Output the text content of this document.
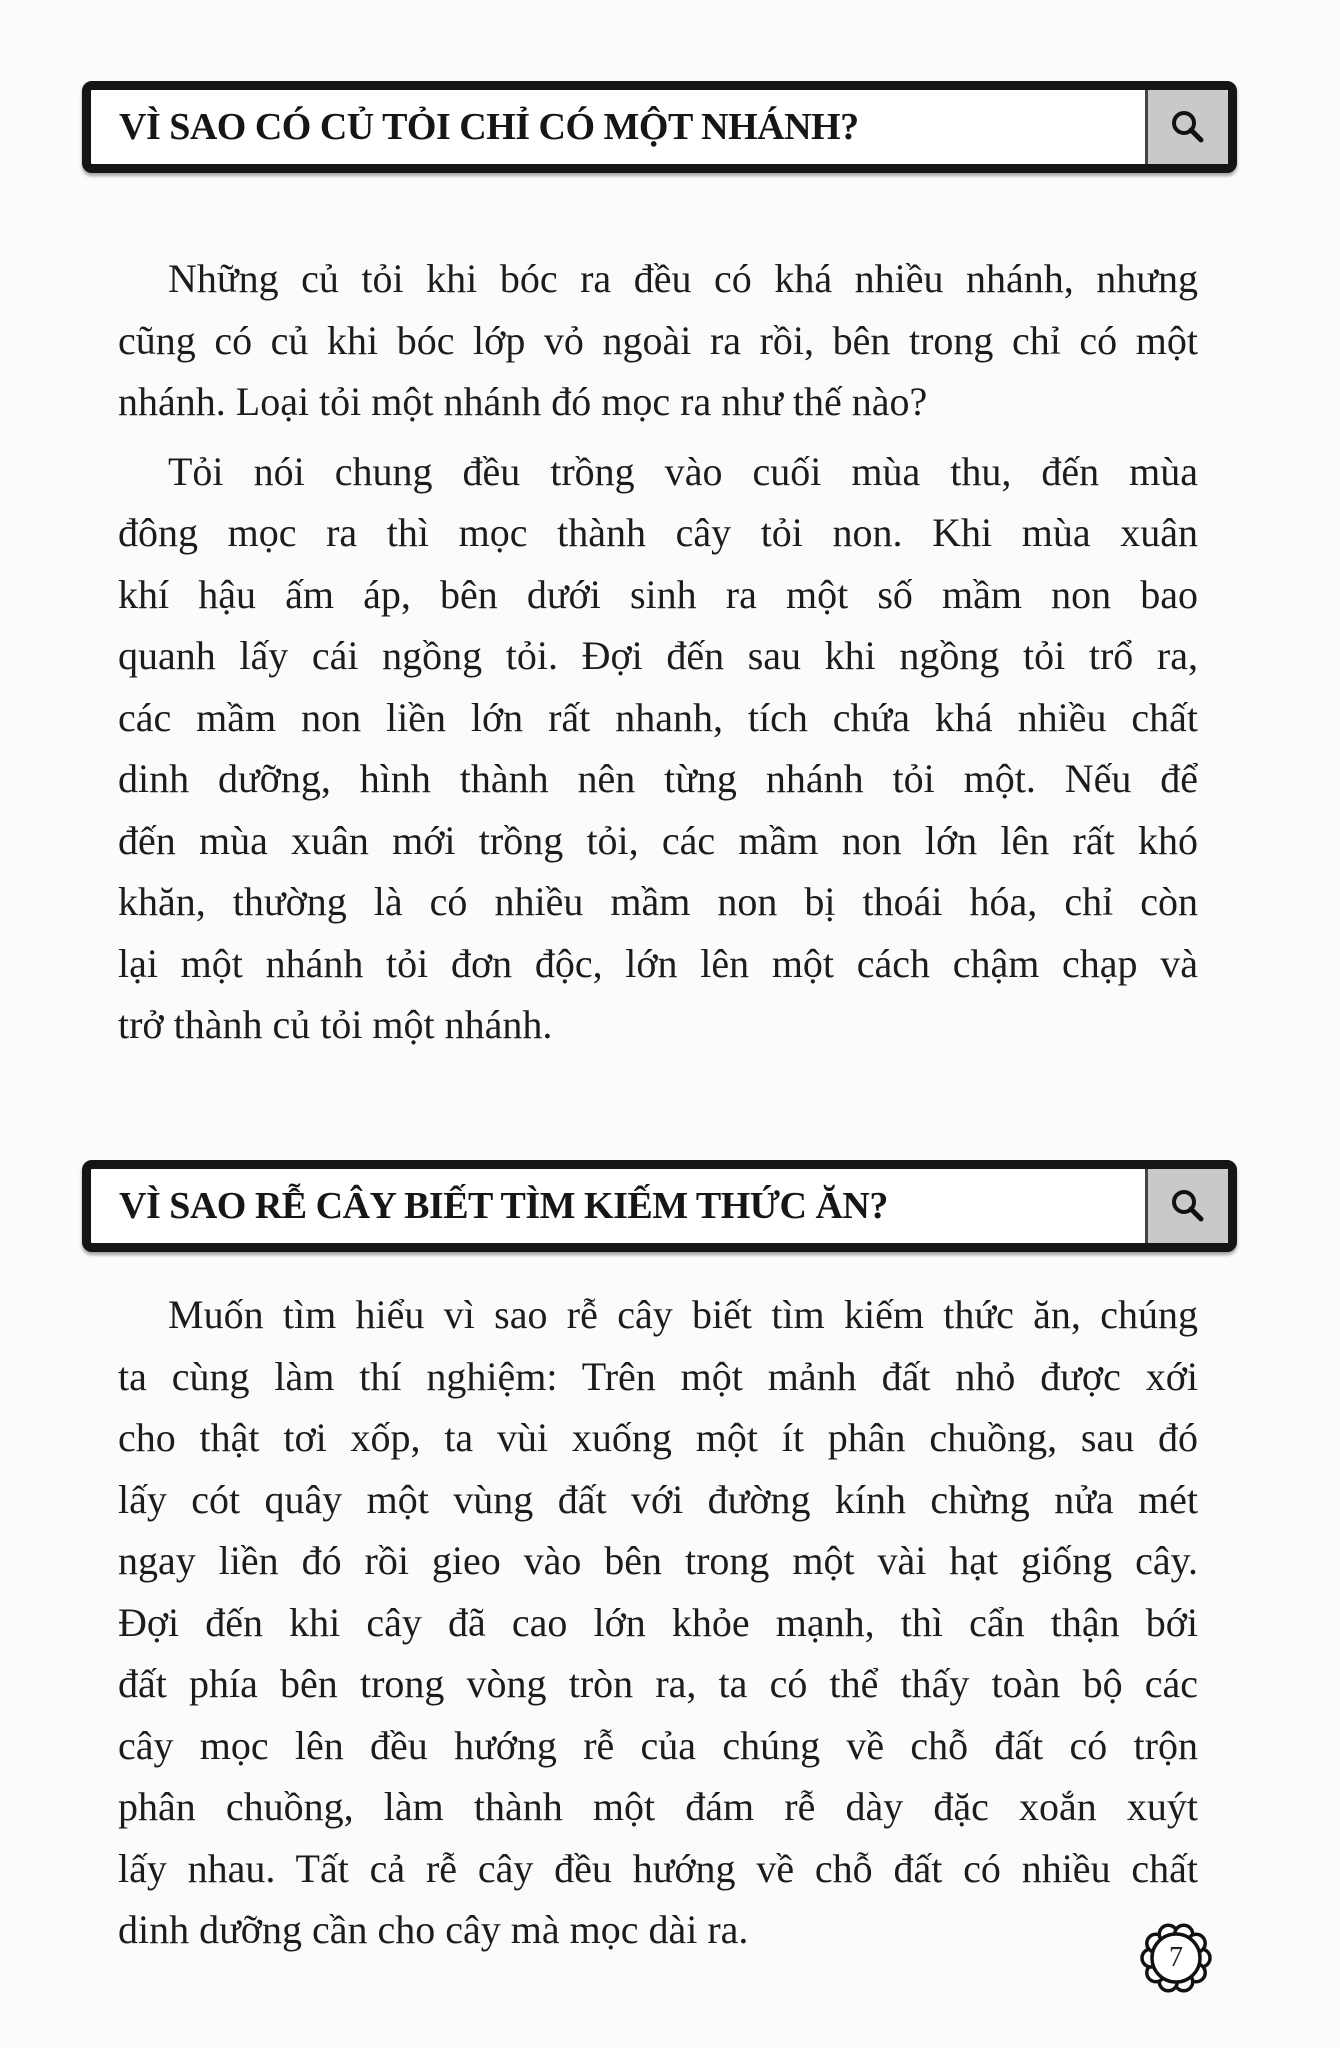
VÌ SAO CÓ CỦ TỎI CHỈ CÓ MỘT NHÁNH?
Những củ tỏi khi bóc ra đều có khá nhiều nhánh, nhưng
cũng có củ khi bóc lớp vỏ ngoài ra rồi, bên trong chỉ có một
nhánh. Loại tỏi một nhánh đó mọc ra như thế nào?
Tỏi nói chung đều trồng vào cuối mùa thu, đến mùa
đông mọc ra thì mọc thành cây tỏi non. Khi mùa xuân
khí hậu ấm áp, bên dưới sinh ra một số mầm non bao
quanh lấy cái ngồng tỏi. Đợi đến sau khi ngồng tỏi trổ ra,
các mầm non liền lớn rất nhanh, tích chứa khá nhiều chất
dinh dưỡng, hình thành nên từng nhánh tỏi một. Nếu để
đến mùa xuân mới trồng tỏi, các mầm non lớn lên rất khó
khăn, thường là có nhiều mầm non bị thoái hóa, chỉ còn
lại một nhánh tỏi đơn độc, lớn lên một cách chậm chạp và
trở thành củ tỏi một nhánh.
VÌ SAO RỄ CÂY BIẾT TÌM KIẾM THỨC ĂN?
Muốn tìm hiểu vì sao rễ cây biết tìm kiếm thức ăn, chúng
ta cùng làm thí nghiệm: Trên một mảnh đất nhỏ được xới
cho thật tơi xốp, ta vùi xuống một ít phân chuồng, sau đó
lấy cót quây một vùng đất với đường kính chừng nửa mét
ngay liền đó rồi gieo vào bên trong một vài hạt giống cây.
Đợi đến khi cây đã cao lớn khỏe mạnh, thì cẩn thận bới
đất phía bên trong vòng tròn ra, ta có thể thấy toàn bộ các
cây mọc lên đều hướng rễ của chúng về chỗ đất có trộn
phân chuồng, làm thành một đám rễ dày đặc xoắn xuýt
lấy nhau. Tất cả rễ cây đều hướng về chỗ đất có nhiều chất
dinh dưỡng cần cho cây mà mọc dài ra.
7
